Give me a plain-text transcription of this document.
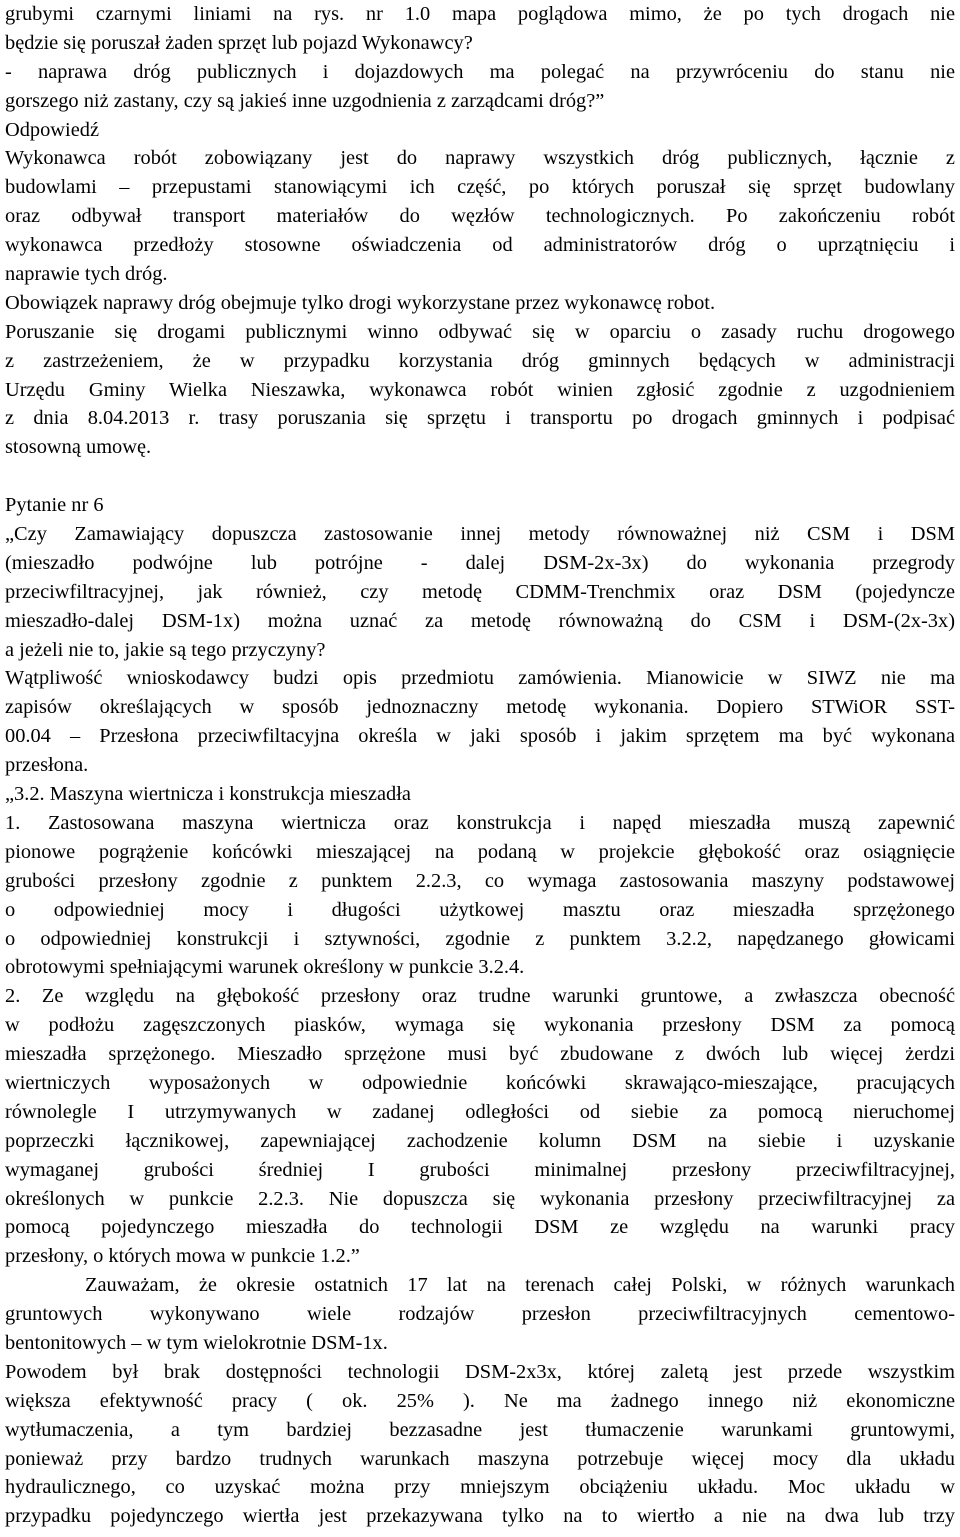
grubymi czarnymi liniami na rys. nr 1.0 mapa poglądowa mimo, że po tych drogach nie
będzie się poruszał żaden sprzęt lub pojazd Wykonawcy?
- naprawa dróg publicznych i dojazdowych ma polegać na przywróceniu do stanu nie
gorszego niż zastany, czy są jakieś inne uzgodnienia z zarządcami dróg?”
Odpowiedź
Wykonawca robót zobowiązany jest do naprawy wszystkich dróg publicznych, łącznie z
budowlami – przepustami stanowiącymi ich część, po których poruszał się sprzęt budowlany
oraz odbywał transport materiałów do węzłów technologicznych. Po zakończeniu robót
wykonawca przedłoży stosowne oświadczenia od administratorów dróg o uprzątnięciu i
naprawie tych dróg.
Obowiązek naprawy dróg obejmuje tylko drogi wykorzystane przez wykonawcę robot.
Poruszanie się drogami publicznymi winno odbywać się w oparciu o zasady ruchu drogowego
z zastrzeżeniem, że w przypadku korzystania dróg gminnych będących w administracji
Urzędu Gminy Wielka Nieszawka, wykonawca robót winien zgłosić zgodnie z uzgodnieniem
z dnia 8.04.2013 r. trasy poruszania się sprzętu i transportu po drogach gminnych i podpisać
stosowną umowę.
Pytanie nr 6
„Czy Zamawiający dopuszcza zastosowanie innej metody równoważnej niż CSM i DSM
(mieszadło podwójne lub potrójne - dalej DSM-2x-3x) do wykonania przegrody
przeciwfiltracyjnej, jak również, czy metodę CDMM-Trenchmix oraz DSM (pojedyncze
mieszadło-dalej DSM-1x) można uznać za metodę równoważną do CSM i DSM-(2x-3x)
a jeżeli nie to, jakie są tego przyczyny?
Wątpliwość wnioskodawcy budzi opis przedmiotu zamówienia. Mianowicie w SIWZ nie ma
zapisów określających w sposób jednoznaczny metodę wykonania. Dopiero STWiOR SST-
00.04 – Przesłona przeciwfiltacyjna określa w jaki sposób i jakim sprzętem ma być wykonana
przesłona.
„3.2. Maszyna wiertnicza i konstrukcja mieszadła
1. Zastosowana maszyna wiertnicza oraz konstrukcja i napęd mieszadła muszą zapewnić
pionowe pogrążenie końcówki mieszającej na podaną w projekcie głębokość oraz osiągnięcie
grubości przesłony zgodnie z punktem 2.2.3, co wymaga zastosowania maszyny podstawowej
o odpowiedniej mocy i długości użytkowej masztu oraz mieszadła sprzężonego
o odpowiedniej konstrukcji i sztywności, zgodnie z punktem 3.2.2, napędzanego głowicami
obrotowymi spełniającymi warunek określony w punkcie 3.2.4.
2. Ze względu na głębokość przesłony oraz trudne warunki gruntowe, a zwłaszcza obecność
w podłożu zagęszczonych piasków, wymaga się wykonania przesłony DSM za pomocą
mieszadła sprzężonego. Mieszadło sprzężone musi być zbudowane z dwóch lub więcej żerdzi
wiertniczych wyposażonych w odpowiednie końcówki skrawająco-mieszające, pracujących
równolegle I utrzymywanych w zadanej odległości od siebie za pomocą nieruchomej
poprzeczki łącznikowej, zapewniającej zachodzenie kolumn DSM na siebie i uzyskanie
wymaganej grubości średniej I grubości minimalnej przesłony przeciwfiltracyjnej,
określonych w punkcie 2.2.3. Nie dopuszcza się wykonania przesłony przeciwfiltracyjnej za
pomocą pojedynczego mieszadła do technologii DSM ze względu na warunki pracy
przesłony, o których mowa w punkcie 1.2.”
Zauważam, że okresie ostatnich 17 lat na terenach całej Polski, w różnych warunkach
gruntowych wykonywano wiele rodzajów przesłon przeciwfiltracyjnych cementowo-
bentonitowych – w tym wielokrotnie DSM-1x.
Powodem był brak dostępności technologii DSM-2x3x, której zaletą jest przede wszystkim
większa efektywność pracy ( ok. 25% ). Ne ma żadnego innego niż ekonomiczne
wytłumaczenia, a tym bardziej bezzasadne jest tłumaczenie warunkami gruntowymi,
ponieważ przy bardzo trudnych warunkach maszyna potrzebuje więcej mocy dla układu
hydraulicznego, co uzyskać można przy mniejszym obciążeniu układu. Moc układu w
przypadku pojedynczego wiertła jest przekazywana tylko na to wiertło a nie na dwa lub trzy
